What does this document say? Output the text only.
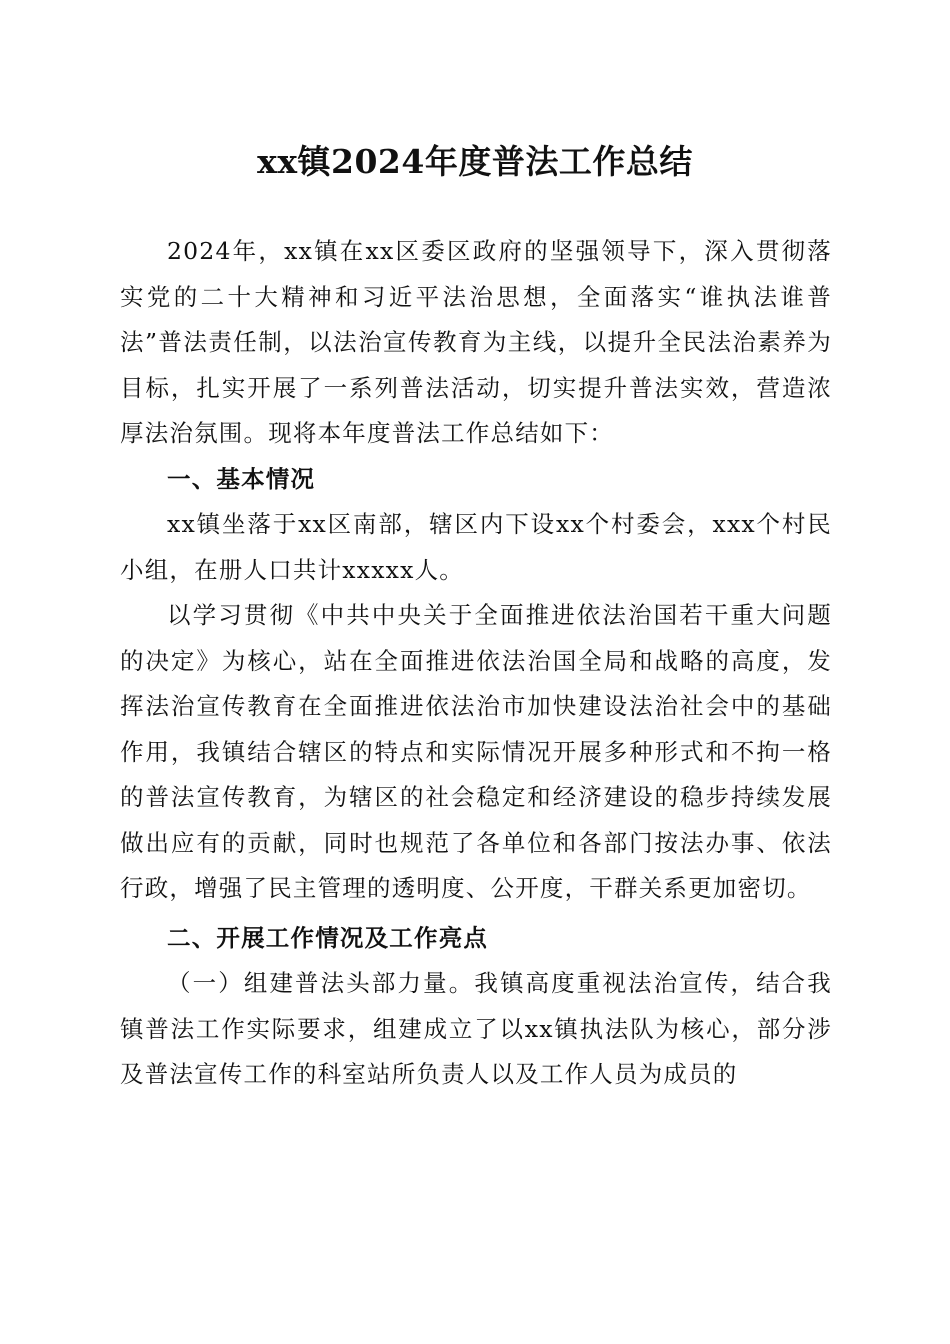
xx镇2024年度普法工作总结

2024年，xx镇在xx区委区政府的坚强领导下，深入贯彻落实党的二十大精神和习近平法治思想，全面落实“谁执法谁普法”普法责任制，以法治宣传教育为主线，以提升全民法治素养为目标，扎实开展了一系列普法活动，切实提升普法实效，营造浓厚法治氛围。现将本年度普法工作总结如下：

一、基本情况

xx镇坐落于xx区南部，辖区内下设xx个村委会，xxx个村民小组，在册人口共计xxxxx人。

以学习贯彻《中共中央关于全面推进依法治国若干重大问题的决定》为核心，站在全面推进依法治国全局和战略的高度，发挥法治宣传教育在全面推进依法治市加快建设法治社会中的基础作用，我镇结合辖区的特点和实际情况开展多种形式和不拘一格的普法宣传教育，为辖区的社会稳定和经济建设的稳步持续发展做出应有的贡献，同时也规范了各单位和各部门按法办事、依法行政，增强了民主管理的透明度、公开度，干群关系更加密切。

二、开展工作情况及工作亮点

（一）组建普法头部力量。我镇高度重视法治宣传，结合我镇普法工作实际要求，组建成立了以xx镇执法队为核心，部分涉及普法宣传工作的科室站所负责人以及工作人员为成员的
